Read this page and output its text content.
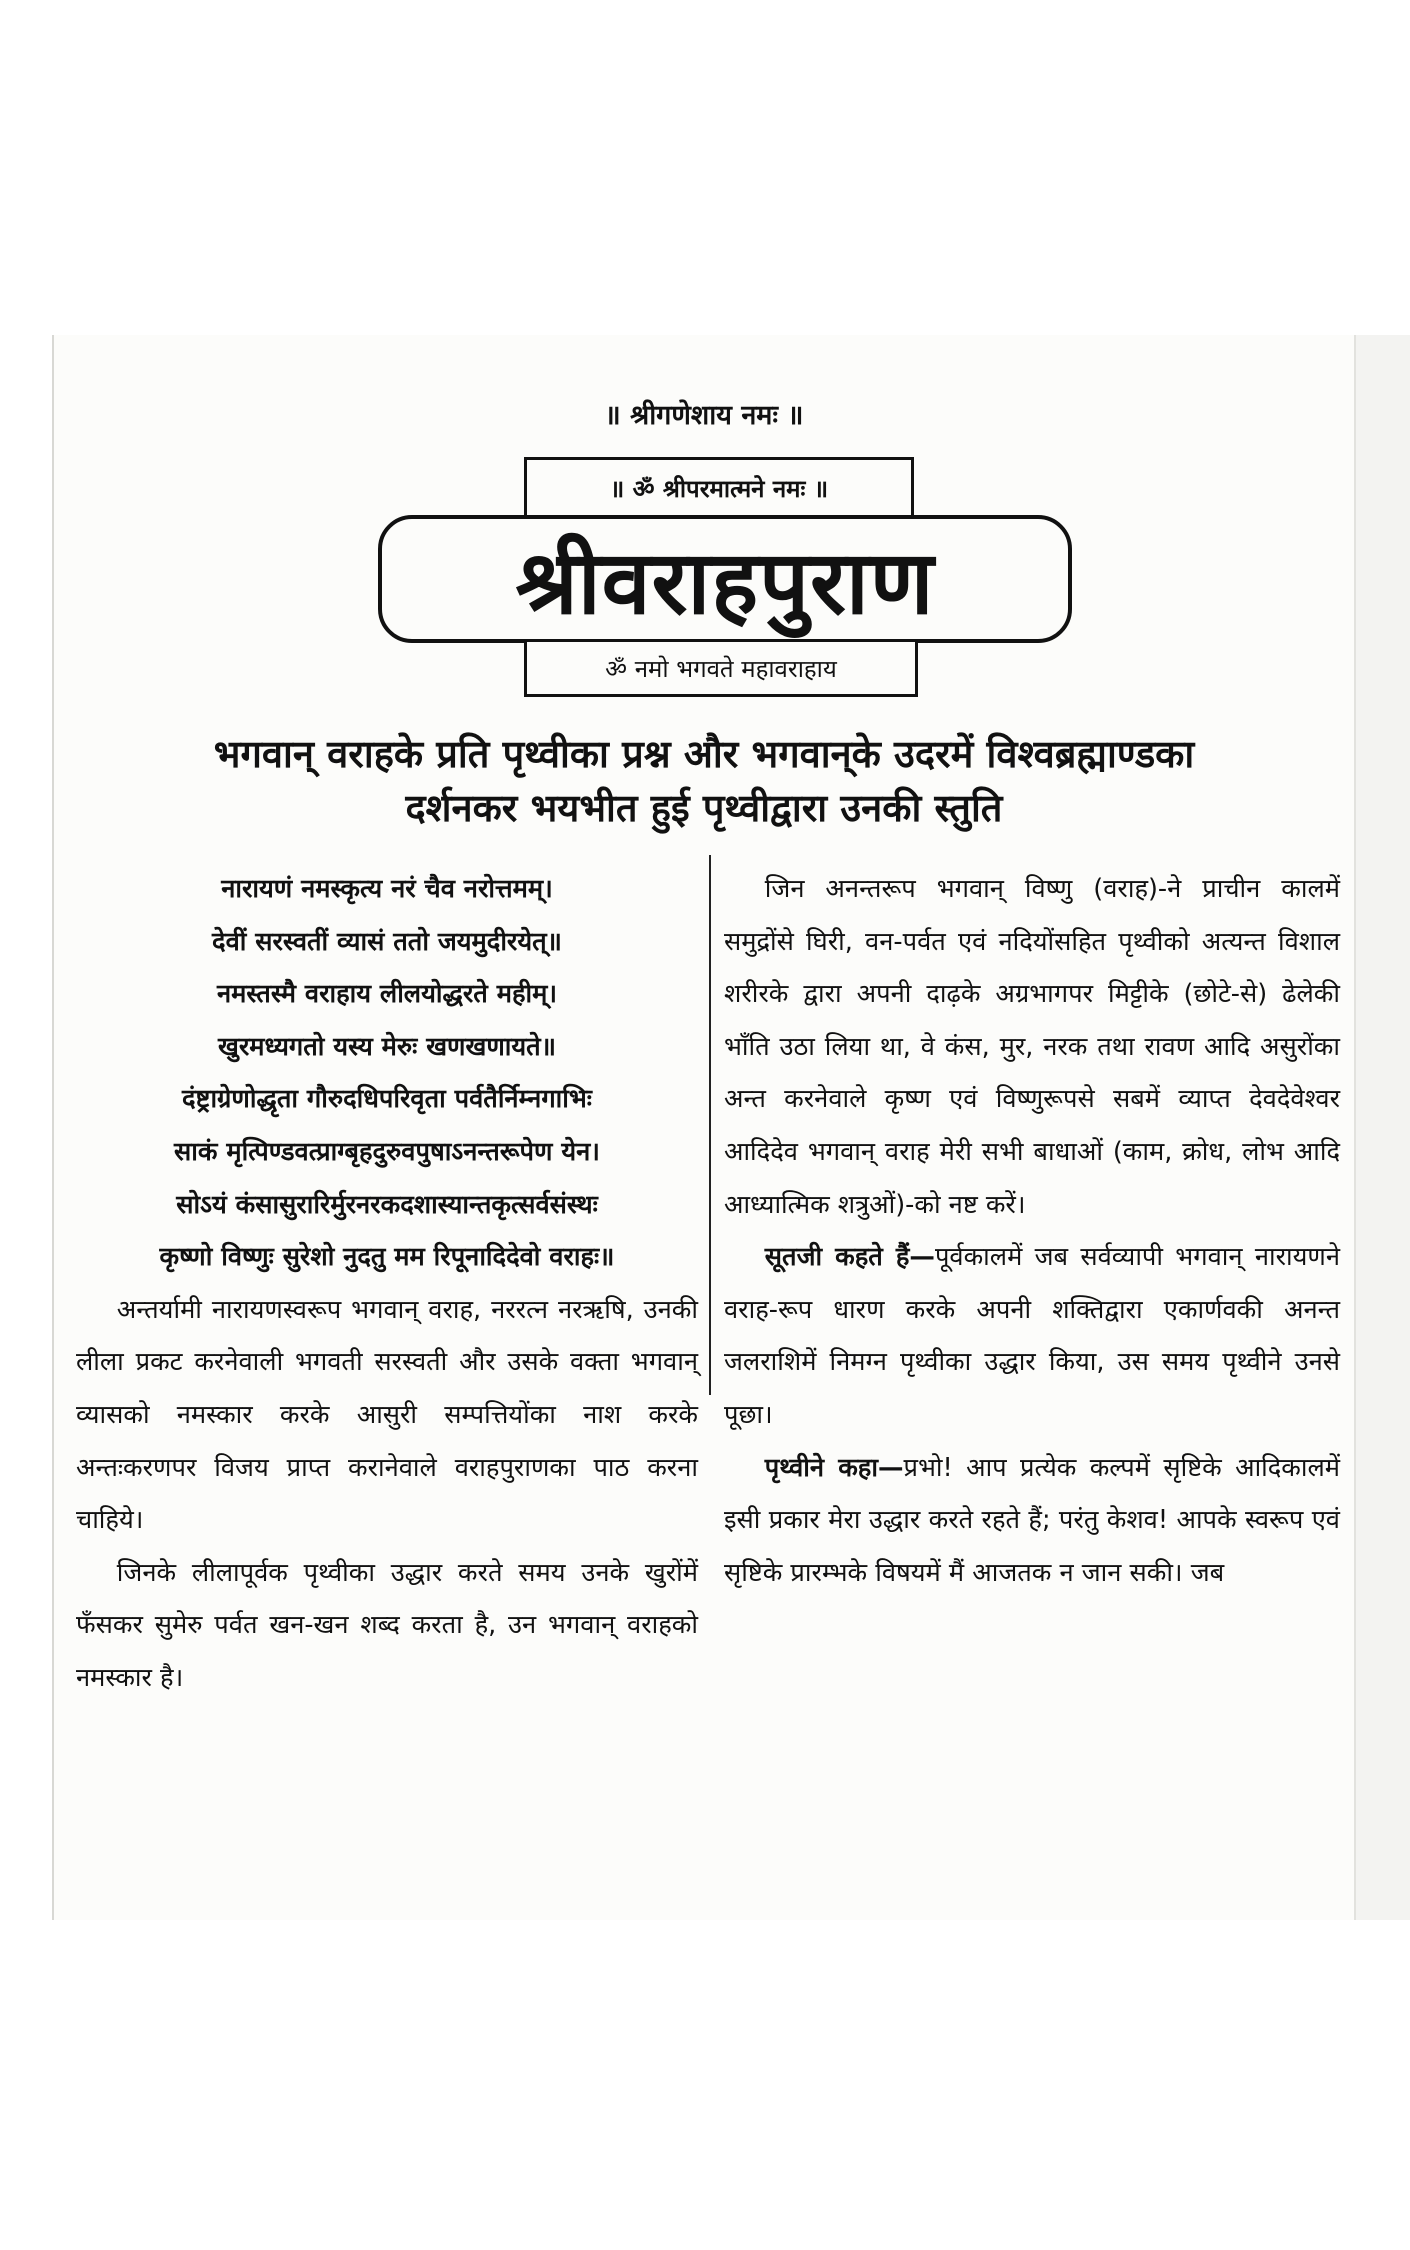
॥ श्रीगणेशाय नमः ॥
॥ ॐ श्रीपरमात्मने नमः ॥
श्रीवराहपुराण
ॐ नमो भगवते महावराहाय
भगवान् वराहके प्रति पृथ्वीका प्रश्न और भगवान्‌के उदरमें विश्वब्रह्माण्डका
दर्शनकर भयभीत हुई पृथ्वीद्वारा उनकी स्तुति

नारायणं नमस्कृत्य नरं चैव नरोत्तमम्।

देवीं सरस्वतीं व्यासं ततो जयमुदीरयेत्॥

नमस्तस्मै वराहाय लीलयोद्धरते महीम्।

खुरमध्यगतो यस्य मेरुः खणखणायते॥

दंष्ट्राग्रेणोद्धृता गौरुदधिपरिवृता पर्वतैर्निम्नगाभिः

साकं मृत्पिण्डवत्प्राग्बृहदुरुवपुषाऽनन्तरूपेण येन।

सोऽयं कंसासुरारिर्मुरनरकदशास्यान्तकृत्सर्वसंस्थः

कृष्णो विष्णुः सुरेशो नुदतु मम रिपूनादिदेवो वराहः॥

अन्तर्यामी नारायणस्वरूप भगवान् वराह, नररत्न नरऋषि, उनकी लीला प्रकट करनेवाली भगवती सरस्वती और उसके वक्ता भगवान् व्यासको नमस्कार करके आसुरी सम्पत्तियोंका नाश करके अन्तःकरणपर विजय प्राप्त करानेवाले वराहपुराणका पाठ करना चाहिये।

जिनके लीलापूर्वक पृथ्वीका उद्धार करते समय उनके खुरोंमें फँसकर सुमेरु पर्वत खन-खन शब्द करता है, उन भगवान् वराहको नमस्कार है।

जिन अनन्तरूप भगवान् विष्णु (वराह)-ने प्राचीन कालमें समुद्रोंसे घिरी, वन-पर्वत एवं नदियोंसहित पृथ्वीको अत्यन्त विशाल शरीरके द्वारा अपनी दाढ़के अग्रभागपर मिट्टीके (छोटे-से) ढेलेकी भाँति उठा लिया था, वे कंस, मुर, नरक तथा रावण आदि असुरोंका अन्त करनेवाले कृष्ण एवं विष्णुरूपसे सबमें व्याप्त देवदेवेश्वर आदिदेव भगवान् वराह मेरी सभी बाधाओं (काम, क्रोध, लोभ आदि आध्यात्मिक शत्रुओं)-को नष्ट करें।

सूतजी कहते हैं—पूर्वकालमें जब सर्वव्यापी भगवान् नारायणने वराह-रूप धारण करके अपनी शक्तिद्वारा एकार्णवकी अनन्त जलराशिमें निमग्न पृथ्वीका उद्धार किया, उस समय पृथ्वीने उनसे पूछा।

पृथ्वीने कहा—प्रभो! आप प्रत्येक कल्पमें सृष्टिके आदिकालमें इसी प्रकार मेरा उद्धार करते रहते हैं; परंतु केशव! आपके स्वरूप एवं सृष्टिके प्रारम्भके विषयमें मैं आजतक न जान सकी। जब
